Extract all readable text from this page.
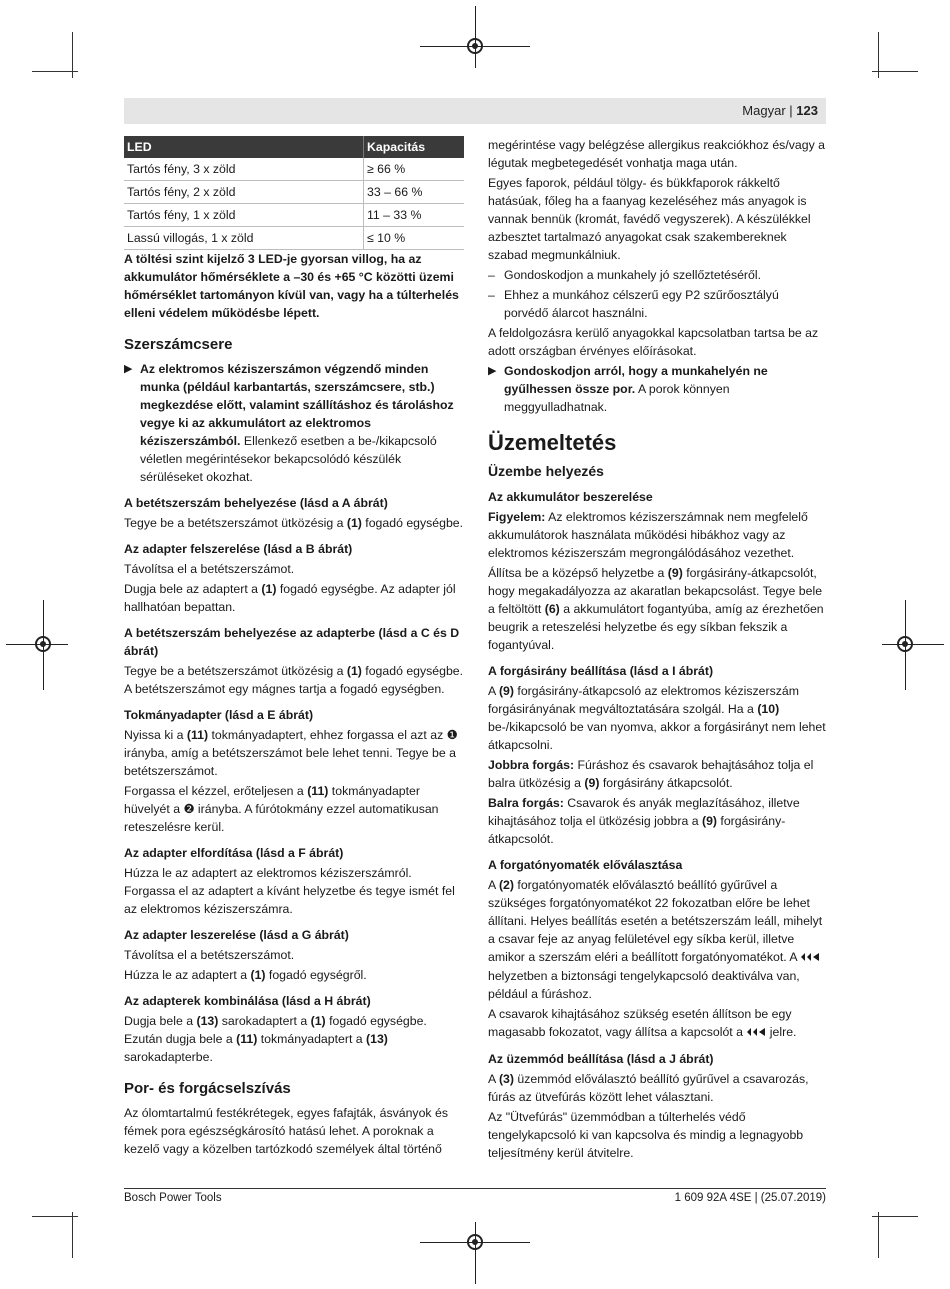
Magyar | 123
LED	Kapacitás
Tartós fény, 3 x zöld	≥ 66 %
Tartós fény, 2 x zöld	33 – 66 %
Tartós fény, 1 x zöld	11 – 33 %
Lassú villogás, 1 x zöld	≤ 10 %

A töltési szint kijelző 3 LED-je gyorsan villog, ha az akkumulátor hőmérséklete a –30 és +65 °C közötti üzemi hőmérséklet tartományon kívül van, vagy ha a túlterhelés elleni védelem működésbe lépett.

Szerszámcsere

▶ Az elektromos kéziszerszámon végzendő minden munka (például karbantartás, szerszámcsere, stb.) megkezdése előtt, valamint szállításhoz és tároláshoz vegye ki az akkumulátort az elektromos kéziszerszámból. Ellenkező esetben a be-/kikapcsoló véletlen megérintésekor bekapcsolódó készülék sérüléseket okozhat.

A betétszerszám behelyezése (lásd a A ábrát)

Tegye be a betétszerszámot ütközésig a (1) fogadó egységbe.

Az adapter felszerelése (lásd a B ábrát)

Távolítsa el a betétszerszámot.

Dugja bele az adaptert a (1) fogadó egységbe. Az adapter jól hallhatóan bepattan.

A betétszerszám behelyezése az adapterbe (lásd a C és D ábrát)

Tegye be a betétszerszámot ütközésig a (1) fogadó egységbe. A betétszerszámot egy mágnes tartja a fogadó egységben.

Tokmányadapter (lásd a E ábrát)

Nyissa ki a (11) tokmányadaptert, ehhez forgassa el azt az ❶ irányba, amíg a betétszerszámot bele lehet tenni. Tegye be a betétszerszámot.

Forgassa el kézzel, erőteljesen a (11) tokmányadapter hüvelyét a ❷ irányba. A fúrótokmány ezzel automatikusan reteszelésre kerül.

Az adapter elfordítása (lásd a F ábrát)

Húzza le az adaptert az elektromos kéziszerszámról. Forgassa el az adaptert a kívánt helyzetbe és tegye ismét fel az elektromos kéziszerszámra.

Az adapter leszerelése (lásd a G ábrát)

Távolítsa el a betétszerszámot.

Húzza le az adaptert a (1) fogadó egységről.

Az adapterek kombinálása (lásd a H ábrát)

Dugja bele a (13) sarokadaptert a (1) fogadó egységbe. Ezután dugja bele a (11) tokmányadaptert a (13) sarokadapterbe.

Por- és forgácselszívás

Az ólomtartalmú festékrétegek, egyes fafajták, ásványok és fémek pora egészségkárosító hatású lehet. A poroknak a kezelő vagy a közelben tartózkodó személyek által történő

megérintése vagy belégzése allergikus reakciókhoz és/vagy a légutak megbetegedését vonhatja maga után.

Egyes faporok, például tölgy- és bükkfaporok rákkeltő hatásúak, főleg ha a faanyag kezeléséhez más anyagok is vannak bennük (kromát, favédő vegyszerek). A készülékkel azbesztet tartalmazó anyagokat csak szakembereknek szabad megmunkálniuk.

– Gondoskodjon a munkahely jó szellőztetéséről.

– Ehhez a munkához célszerű egy P2 szűrőosztályú porvédő álarcot használni.

A feldolgozásra kerülő anyagokkal kapcsolatban tartsa be az adott országban érvényes előírásokat.

▶ Gondoskodjon arról, hogy a munkahelyén ne gyűlhessen össze por. A porok könnyen meggyulladhatnak.

Üzemeltetés
Üzembe helyezés
Az akkumulátor beszerelése

Figyelem: Az elektromos kéziszerszámnak nem megfelelő akkumulátorok használata működési hibákhoz vagy az elektromos kéziszerszám megrongálódásához vezethet.

Állítsa be a középső helyzetbe a (9) forgásirány-átkapcsolót, hogy megakadályozza az akaratlan bekapcsolást. Tegye bele a feltöltött (6) a akkumulátort fogantyúba, amíg az érezhetően beugrik a reteszelési helyzetbe és egy síkban fekszik a fogantyúval.

A forgásirány beállítása (lásd a I ábrát)

A (9) forgásirány-átkapcsoló az elektromos kéziszerszám forgásirányának megváltoztatására szolgál. Ha a (10) be-/kikapcsoló be van nyomva, akkor a forgásirányt nem lehet átkapcsolni.

Jobbra forgás: Fúráshoz és csavarok behajtásához tolja el balra ütközésig a (9) forgásirány átkapcsolót.

Balra forgás: Csavarok és anyák meglazításához, illetve kihajtásához tolja el ütközésig jobbra a (9) forgásirány-átkapcsolót.

A forgatónyomaték előválasztása

A (2) forgatónyomaték előválasztó beállító gyűrűvel a szükséges forgatónyomatékot 22 fokozatban előre be lehet állítani. Helyes beállítás esetén a betétszerszám leáll, mihelyt a csavar feje az anyag felületével egy síkba kerül, illetve amikor a szerszám eléri a beállított forgatónyomatékot. A  helyzetben a biztonsági tengelykapcsoló deaktiválva van, például a fúráshoz.

A csavarok kihajtásához szükség esetén állítson be egy magasabb fokozatot, vagy állítsa a kapcsolót a  jelre.

Az üzemmód beállítása (lásd a J ábrát)

A (3) üzemmód előválasztó beállító gyűrűvel a csavarozás, fúrás az ütvefúrás között lehet választani.

Az "Ütvefúrás" üzemmódban a túlterhelés védő tengelykapcsoló ki van kapcsolva és mindig a legnagyobb teljesítmény kerül átvitelre.

Bosch Power Tools	1 609 92A 4SE | (25.07.2019)
